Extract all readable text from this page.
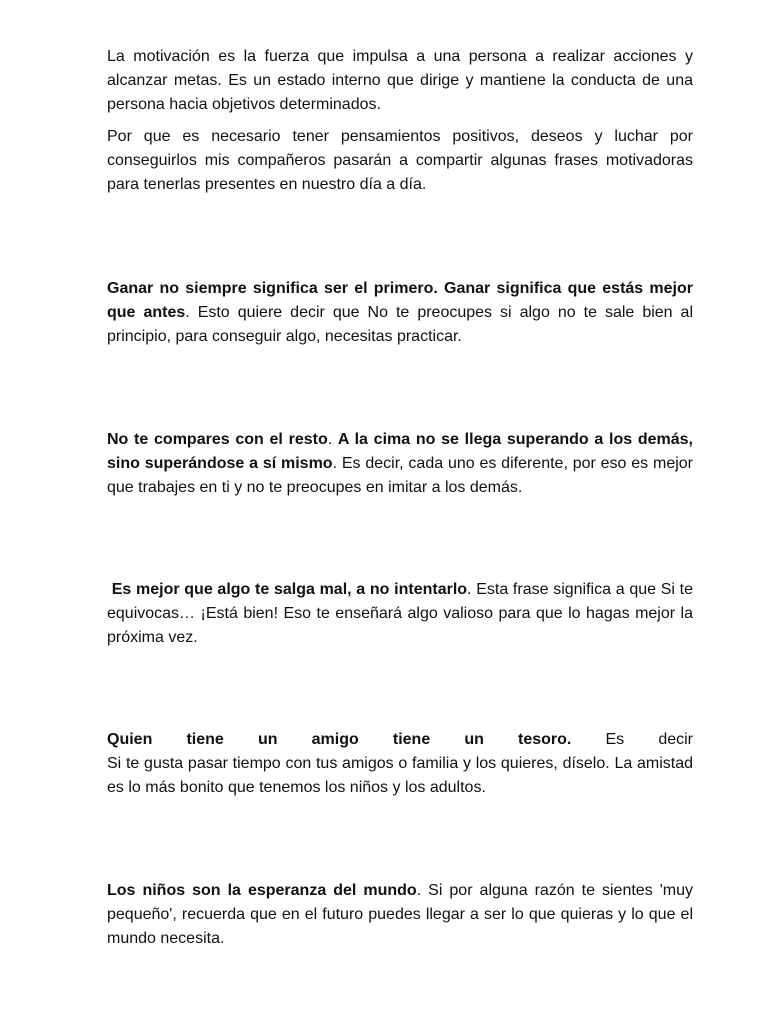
La motivación es la fuerza que impulsa a una persona a realizar acciones y alcanzar metas. Es un estado interno que dirige y mantiene la conducta de una persona hacia objetivos determinados.

Por que es necesario tener pensamientos positivos, deseos y luchar por conseguirlos mis compañeros pasarán a compartir algunas frases motivadoras para tenerlas presentes en nuestro día a día.

Ganar no siempre significa ser el primero. Ganar significa que estás mejor que antes. Esto quiere decir que No te preocupes si algo no te sale bien al principio, para conseguir algo, necesitas practicar.

No te compares con el resto. A la cima no se llega superando a los demás, sino superándose a sí mismo. Es decir, cada uno es diferente, por eso es mejor que trabajes en ti y no te preocupes en imitar a los demás.

Es mejor que algo te salga mal, a no intentarlo. Esta frase significa a que Si te equivocas… ¡Está bien! Eso te enseñará algo valioso para que lo hagas mejor la próxima vez.

Quien tiene un amigo tiene un tesoro. Es decir

Si te gusta pasar tiempo con tus amigos o familia y los quieres, díselo. La amistad es lo más bonito que tenemos los niños y los adultos.

Los niños son la esperanza del mundo. Si por alguna razón te sientes 'muy pequeño', recuerda que en el futuro puedes llegar a ser lo que quieras y lo que el mundo necesita.
